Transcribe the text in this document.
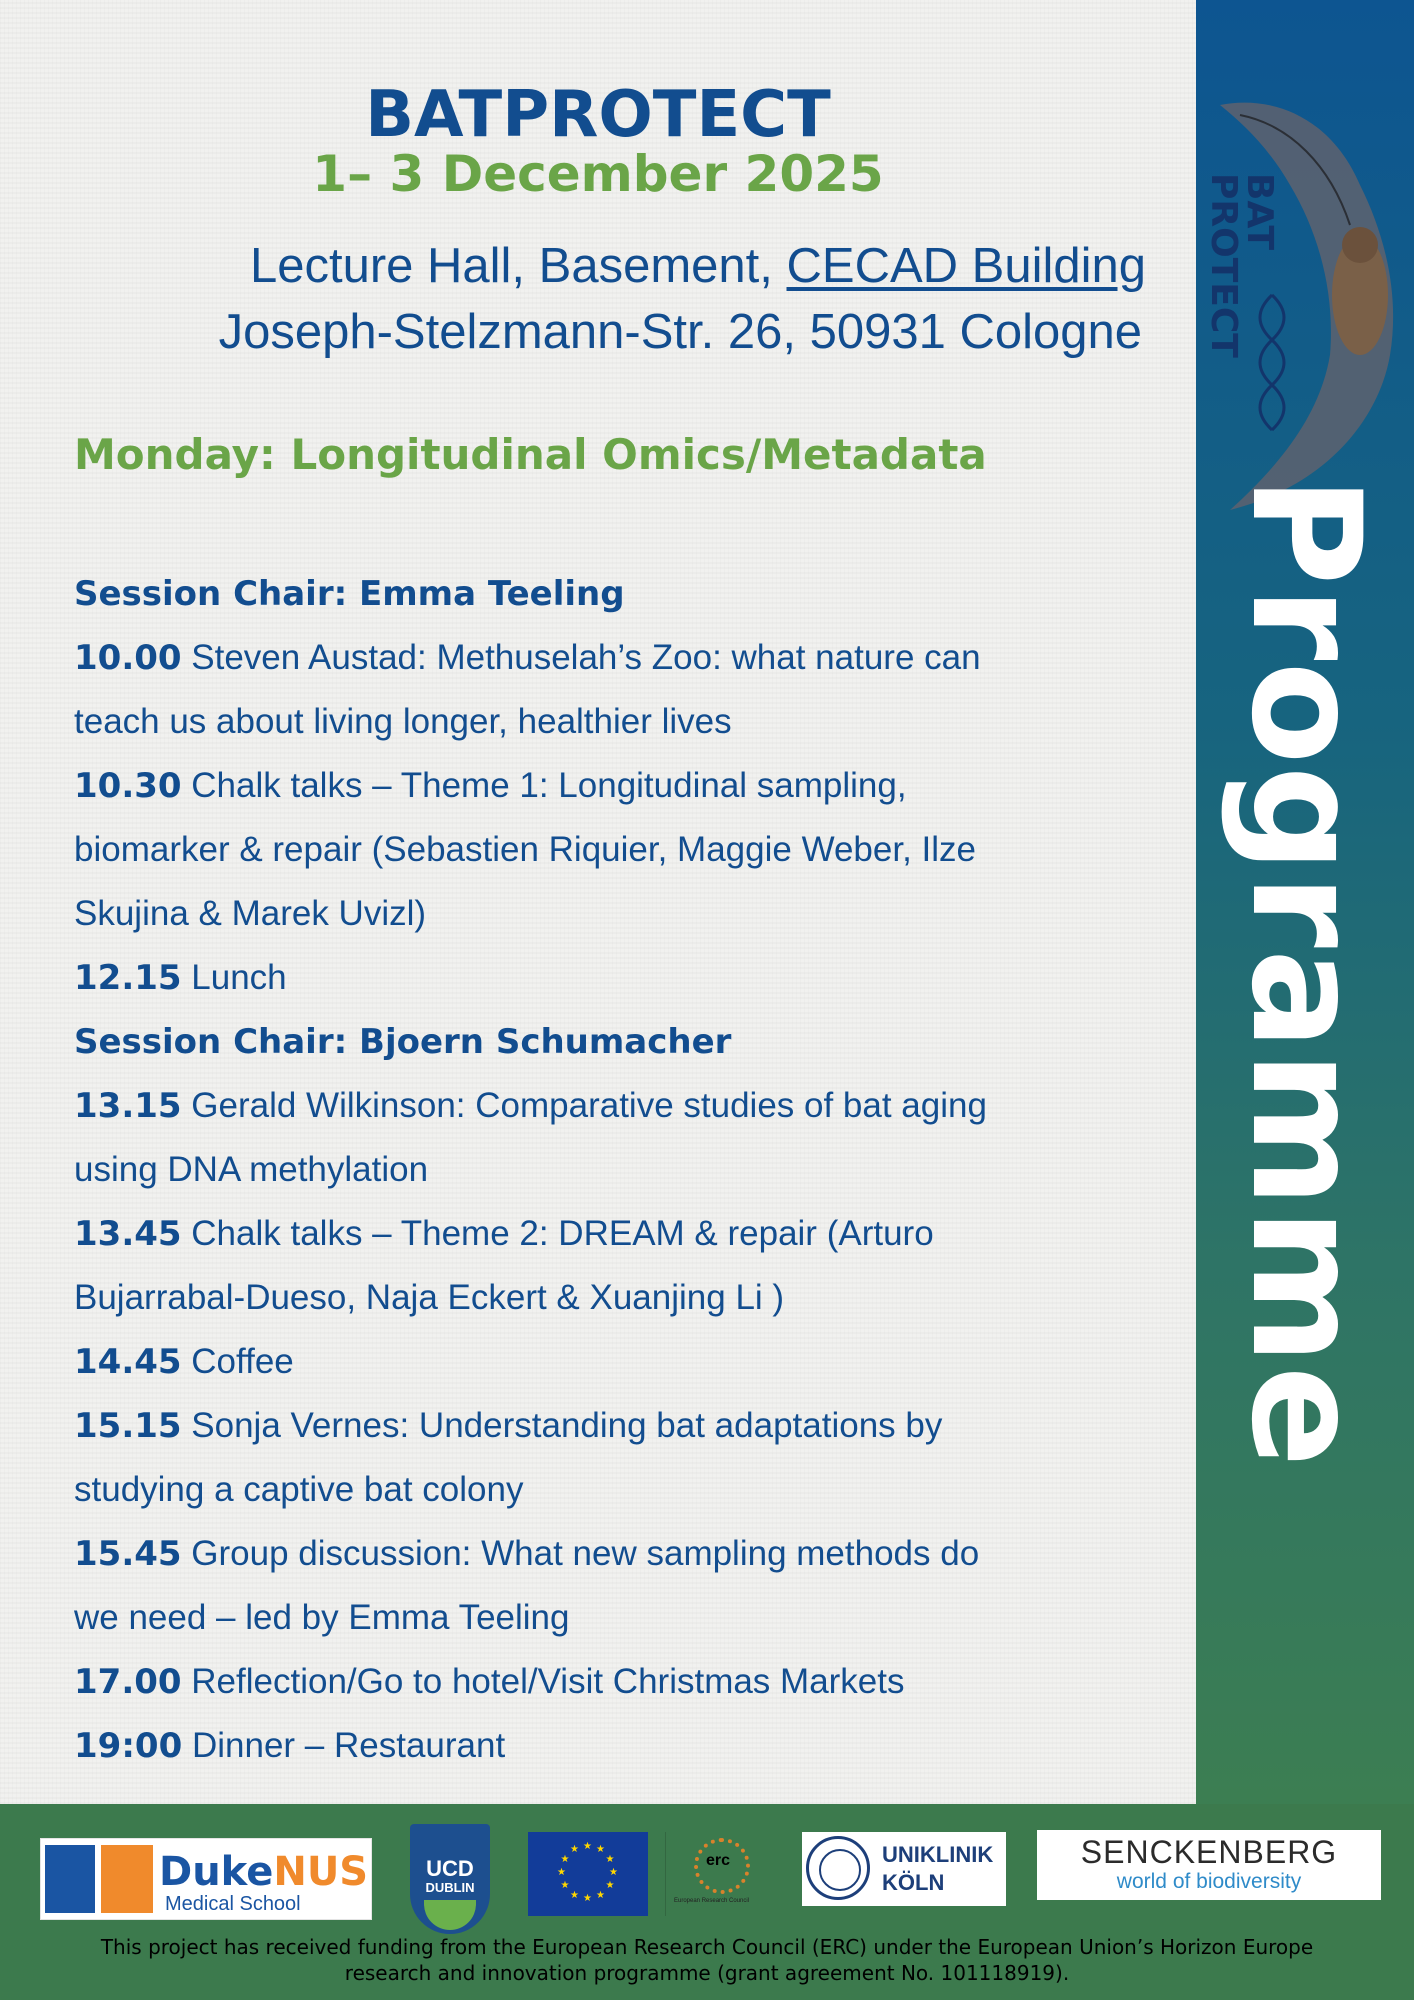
BAT
PROTECT
Programme
BATPROTECT
1– 3 December 2025
Lecture Hall, Basement, CECAD Building
Joseph-Stelzmann-Str. 26, 50931 Cologne
Monday: Longitudinal Omics/Metadata
Session Chair: Emma Teeling
10.00 Steven Austad: Methuselah’s Zoo: what nature can
teach us about living longer, healthier lives
10.30 Chalk talks – Theme 1: Longitudinal sampling,
biomarker & repair (Sebastien Riquier, Maggie Weber, Ilze
Skujina & Marek Uvizl)
12.15 Lunch
Session Chair: Bjoern Schumacher
13.15 Gerald Wilkinson: Comparative studies of bat aging
using DNA methylation
13.45 Chalk talks – Theme 2: DREAM & repair (Arturo
Bujarrabal-Dueso, Naja Eckert & Xuanjing Li )
14.45 Coffee
15.15 Sonja Vernes: Understanding bat adaptations by
studying a captive bat colony
15.45 Group discussion: What new sampling methods do
we need – led by Emma Teeling
17.00 Reflection/Go to hotel/Visit Christmas Markets
19:00 Dinner – Restaurant
DukeNUS
Medical School
UCD
DUBLIN
★
★
★
★
★
★
★
★
★ ★ ★
★	erc
European Research Council
UNIKLINIK
KÖLN
SENCKENBERG
world of biodiversity
This project has received funding from the European Research Council (ERC) under the European Union’s Horizon Europe
research and innovation programme (grant agreement No. 101118919).
